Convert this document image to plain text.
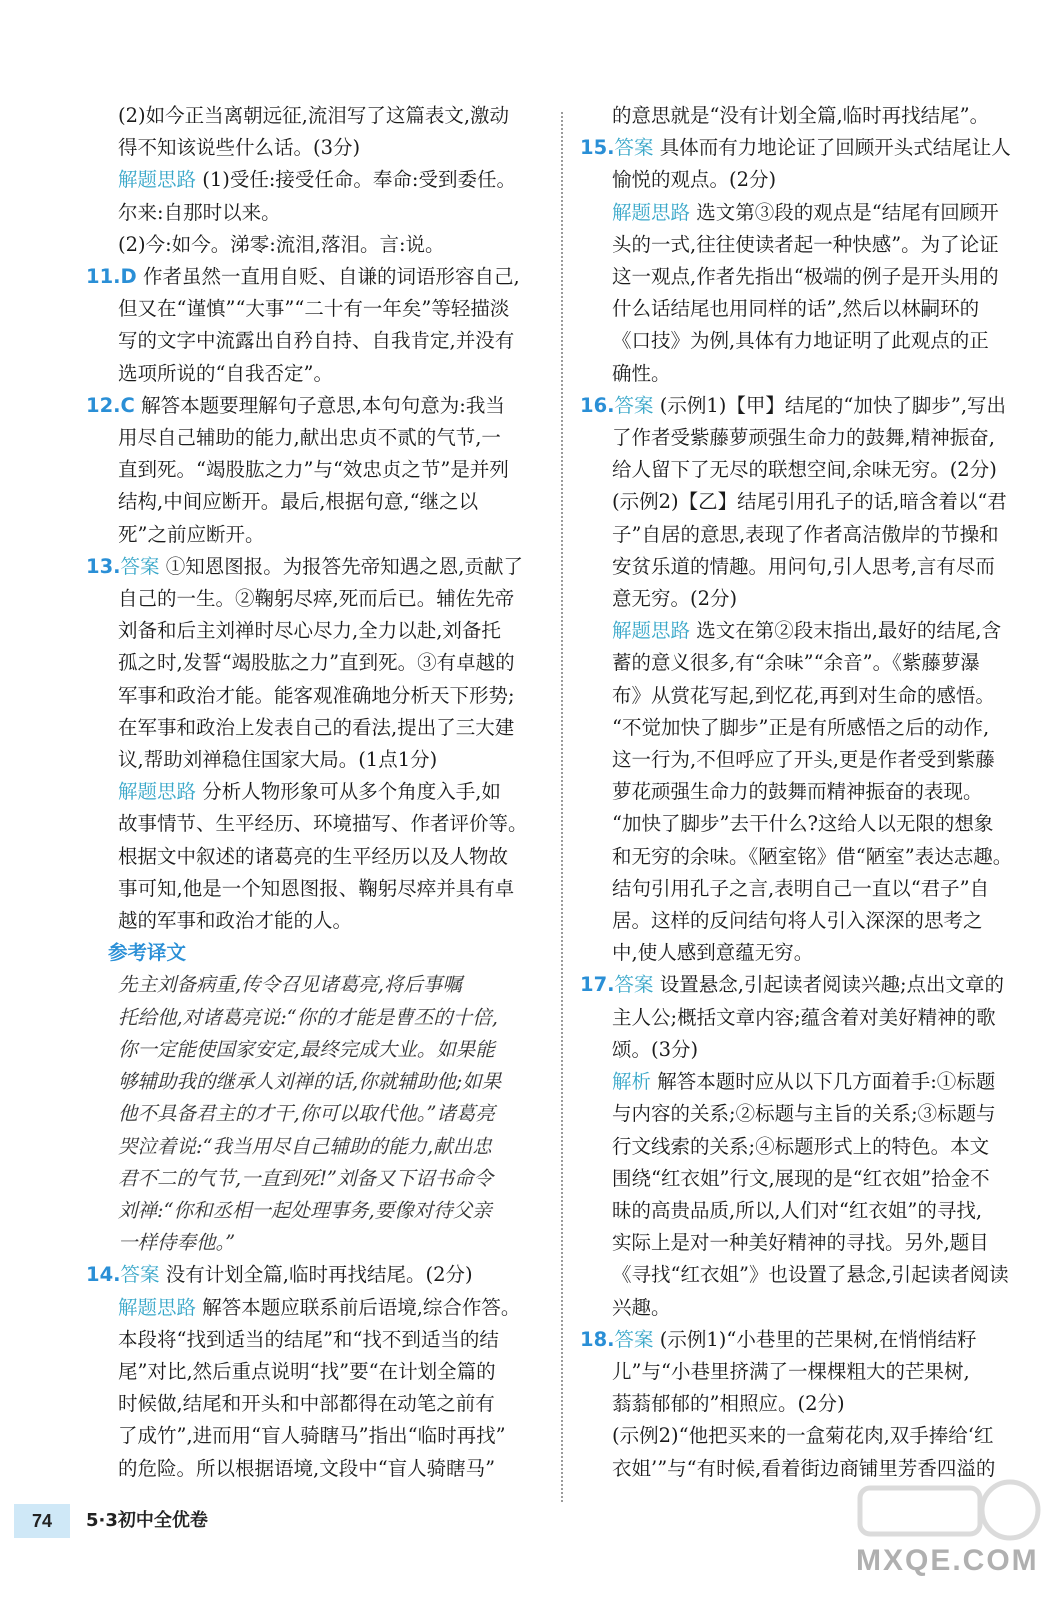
(2)如今正当离朝远征,流泪写了这篇表文,激动
得不知该说些什么话。(3分)
解题思路 (1)受任:接受任命。奉命:受到委任。
尔来:自那时以来。
(2)今:如今。涕零:流泪,落泪。言:说。
11.D 作者虽然一直用自贬、自谦的词语形容自己,
但又在“谨慎”“大事”“二十有一年矣”等轻描淡
写的文字中流露出自矜自持、自我肯定,并没有
选项所说的“自我否定”。
12.C 解答本题要理解句子意思,本句句意为:我当
用尽自己辅助的能力,献出忠贞不贰的气节,一
直到死。“竭股肱之力”与“效忠贞之节”是并列
结构,中间应断开。最后,根据句意,“继之以
死”之前应断开。
13.答案 ①知恩图报。为报答先帝知遇之恩,贡献了
自己的一生。②鞠躬尽瘁,死而后已。辅佐先帝
刘备和后主刘禅时尽心尽力,全力以赴,刘备托
孤之时,发誓“竭股肱之力”直到死。③有卓越的
军事和政治才能。能客观准确地分析天下形势;
在军事和政治上发表自己的看法,提出了三大建
议,帮助刘禅稳住国家大局。(1点1分)
解题思路 分析人物形象可从多个角度入手,如
故事情节、生平经历、环境描写、作者评价等。
根据文中叙述的诸葛亮的生平经历以及人物故
事可知,他是一个知恩图报、鞠躬尽瘁并具有卓
越的军事和政治才能的人。
参考译文
先主刘备病重,传令召见诸葛亮,将后事嘱
托给他,对诸葛亮说:“你的才能是曹丕的十倍,
你一定能使国家安定,最终完成大业。如果能
够辅助我的继承人刘禅的话,你就辅助他;如果
他不具备君主的才干,你可以取代他。”诸葛亮
哭泣着说:“我当用尽自己辅助的能力,献出忠
君不二的气节,一直到死!”刘备又下诏书命令
刘禅:“你和丞相一起处理事务,要像对待父亲
一样侍奉他。”
14.答案 没有计划全篇,临时再找结尾。(2分)
解题思路 解答本题应联系前后语境,综合作答。
本段将“找到适当的结尾”和“找不到适当的结
尾”对比,然后重点说明“找”要“在计划全篇的
时候做,结尾和开头和中部都得在动笔之前有
了成竹”,进而用“盲人骑瞎马”指出“临时再找”
的危险。所以根据语境,文段中“盲人骑瞎马”
的意思就是“没有计划全篇,临时再找结尾”。
15.答案 具体而有力地论证了回顾开头式结尾让人
愉悦的观点。(2分)
解题思路 选文第③段的观点是“结尾有回顾开
头的一式,往往使读者起一种快感”。为了论证
这一观点,作者先指出“极端的例子是开头用的
什么话结尾也用同样的话”,然后以林嗣环的
《口技》为例,具体有力地证明了此观点的正
确性。
16.答案 (示例1)【甲】结尾的“加快了脚步”,写出
了作者受紫藤萝顽强生命力的鼓舞,精神振奋,
给人留下了无尽的联想空间,余味无穷。(2分)
(示例2)【乙】结尾引用孔子的话,暗含着以“君
子”自居的意思,表现了作者高洁傲岸的节操和
安贫乐道的情趣。用问句,引人思考,言有尽而
意无穷。(2分)
解题思路 选文在第②段末指出,最好的结尾,含
蓄的意义很多,有“余味”“余音”。《紫藤萝瀑
布》从赏花写起,到忆花,再到对生命的感悟。
“不觉加快了脚步”正是有所感悟之后的动作,
这一行为,不但呼应了开头,更是作者受到紫藤
萝花顽强生命力的鼓舞而精神振奋的表现。
“加快了脚步”去干什么?这给人以无限的想象
和无穷的余味。《陋室铭》借“陋室”表达志趣。
结句引用孔子之言,表明自己一直以“君子”自
居。这样的反问结句将人引入深深的思考之
中,使人感到意蕴无穷。
17.答案 设置悬念,引起读者阅读兴趣;点出文章的
主人公;概括文章内容;蕴含着对美好精神的歌
颂。(3分)
解析 解答本题时应从以下几方面着手:①标题
与内容的关系;②标题与主旨的关系;③标题与
行文线索的关系;④标题形式上的特色。本文
围绕“红衣姐”行文,展现的是“红衣姐”拾金不
昧的高贵品质,所以,人们对“红衣姐”的寻找,
实际上是对一种美好精神的寻找。另外,题目
《寻找“红衣姐”》也设置了悬念,引起读者阅读
兴趣。
18.答案 (示例1)“小巷里的芒果树,在悄悄结籽
儿”与“小巷里挤满了一棵棵粗大的芒果树,
蓊蓊郁郁的”相照应。(2分)
(示例2)“他把买来的一盒菊花肉,双手捧给‘红
衣姐’”与“有时候,看着街边商铺里芳香四溢的
74	5·3初中全优卷
MXQE.COM
